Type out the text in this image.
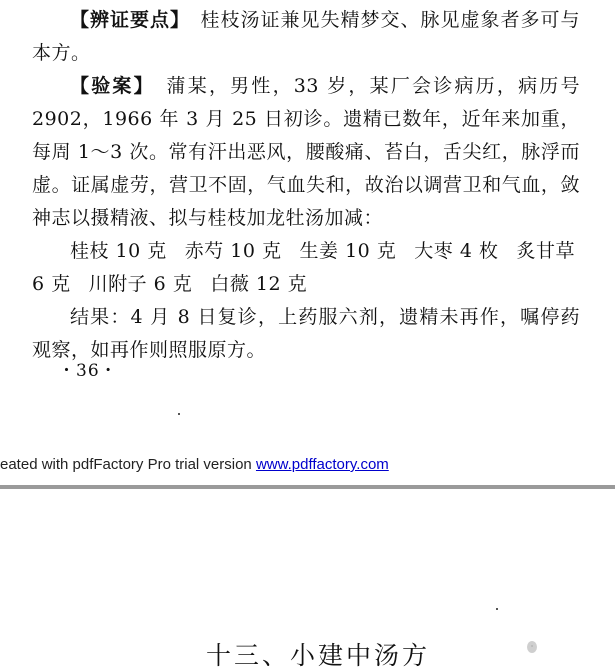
【辨证要点】　桂枝汤证兼见失精梦交、脉见虚象者多可与本方。

【验案】　蒲某，男性，33 岁，某厂会诊病历，病历号 2902，1966 年 3 月 25 日初诊。遗精已数年，近年来加重，每周 1～3 次。常有汗出恶风，腰酸痛、苔白，舌尖红，脉浮而虚。证属虚劳，营卫不固，气血失和，故治以调营卫和气血，敛神志以摄精液、拟与桂枝加龙牡汤加减：

桂枝 10 克 赤芍 10 克 生姜 10 克 大枣 4 枚 炙甘草 6 克 川附子 6 克 白薇 12 克

结果：4 月 8 日复诊，上药服六剂，遗精未再作，嘱停药观察，如再作则照服原方。

・36・
eated with pdfFactory Pro trial version www.pdffactory.com
十三、小建中汤方	·
